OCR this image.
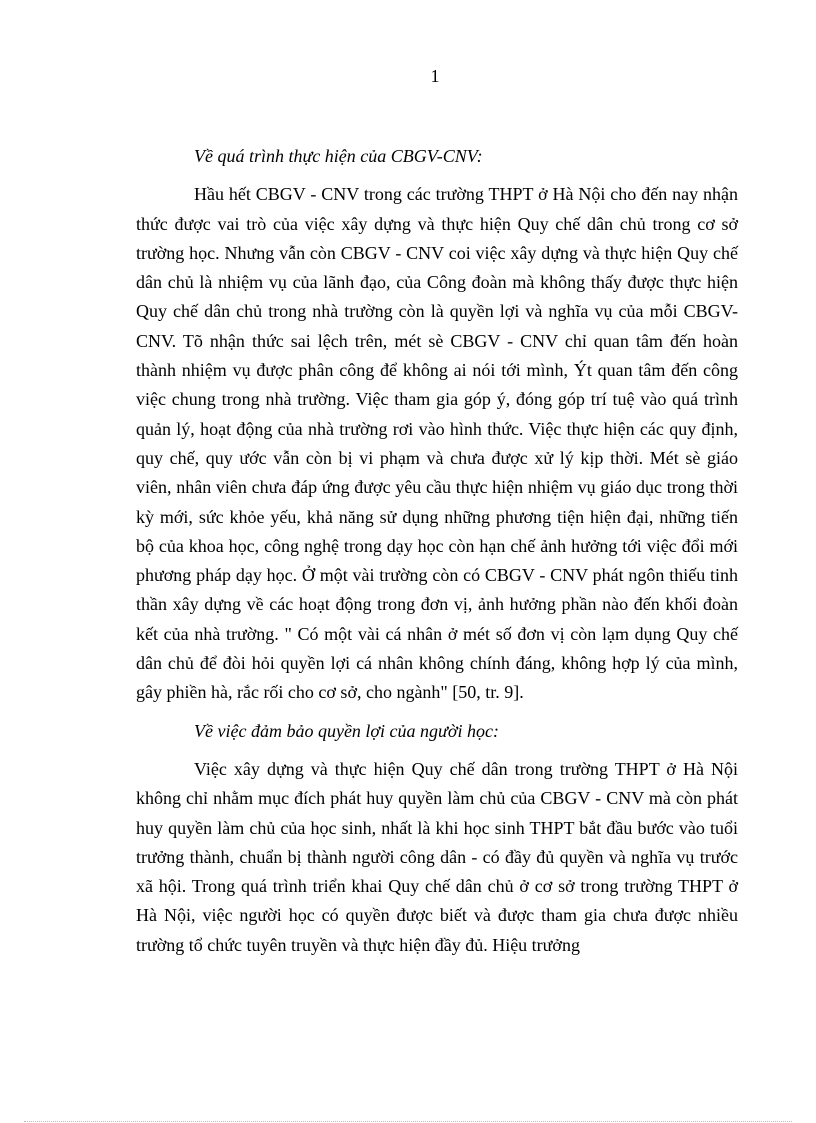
1

Về quá trình thực hiện của CBGV-CNV:

Hầu hết CBGV - CNV trong các trường THPT ở Hà Nội cho đến nay nhận thức được vai trò của việc xây dựng và thực hiện Quy chế dân chủ trong cơ sở trường học. Nhưng vẫn còn CBGV - CNV coi việc xây dựng và thực hiện Quy chế dân chủ là nhiệm vụ của lãnh đạo, của Công đoàn mà không thấy được thực hiện Quy chế dân chủ trong nhà trường còn là quyền lợi và nghĩa vụ của mỗi CBGV-CNV. Tõ nhận thức sai lệch trên, mét sè CBGV - CNV chỉ quan tâm đến hoàn thành nhiệm vụ được phân công để không ai nói tới mình, Ýt quan tâm đến công việc chung trong nhà trường. Việc tham gia góp ý, đóng góp trí tuệ vào quá trình quản lý, hoạt động của nhà trường rơi vào hình thức. Việc thực hiện các quy định, quy chế, quy ước vẫn còn bị vi phạm và chưa được xử lý kịp thời. Mét sè giáo viên, nhân viên chưa đáp ứng được yêu cầu thực hiện nhiệm vụ giáo dục trong thời kỳ mới, sức khỏe yếu, khả năng sử dụng những phương tiện hiện đại, những tiến bộ của khoa học, công nghệ trong dạy học còn hạn chế ảnh hưởng tới việc đổi mới phương pháp dạy học. Ở một vài trường còn có CBGV - CNV phát ngôn thiếu tinh thần xây dựng về các hoạt động trong đơn vị, ảnh hưởng phần nào đến khối đoàn kết của nhà trường. " Có một vài cá nhân ở mét số đơn vị còn lạm dụng Quy chế dân chủ để đòi hỏi quyền lợi cá nhân không chính đáng, không hợp lý của mình, gây phiền hà, rắc rối cho cơ sở, cho ngành" [50, tr. 9].

Về việc đảm bảo quyền lợi của người học:

Việc xây dựng và thực hiện Quy chế dân trong trường THPT ở Hà Nội không chỉ nhằm mục đích phát huy quyền làm chủ của CBGV - CNV mà còn phát huy quyền làm chủ của học sinh, nhất là khi học sinh THPT bắt đầu bước vào tuổi trưởng thành, chuẩn bị thành người công dân - có đầy đủ quyền và nghĩa vụ trước xã hội. Trong quá trình triển khai Quy chế dân chủ ở cơ sở trong trường THPT ở Hà Nội, việc người học có quyền được biết và được tham gia chưa được nhiều trường tổ chức tuyên truyền và thực hiện đầy đủ. Hiệu trưởng
